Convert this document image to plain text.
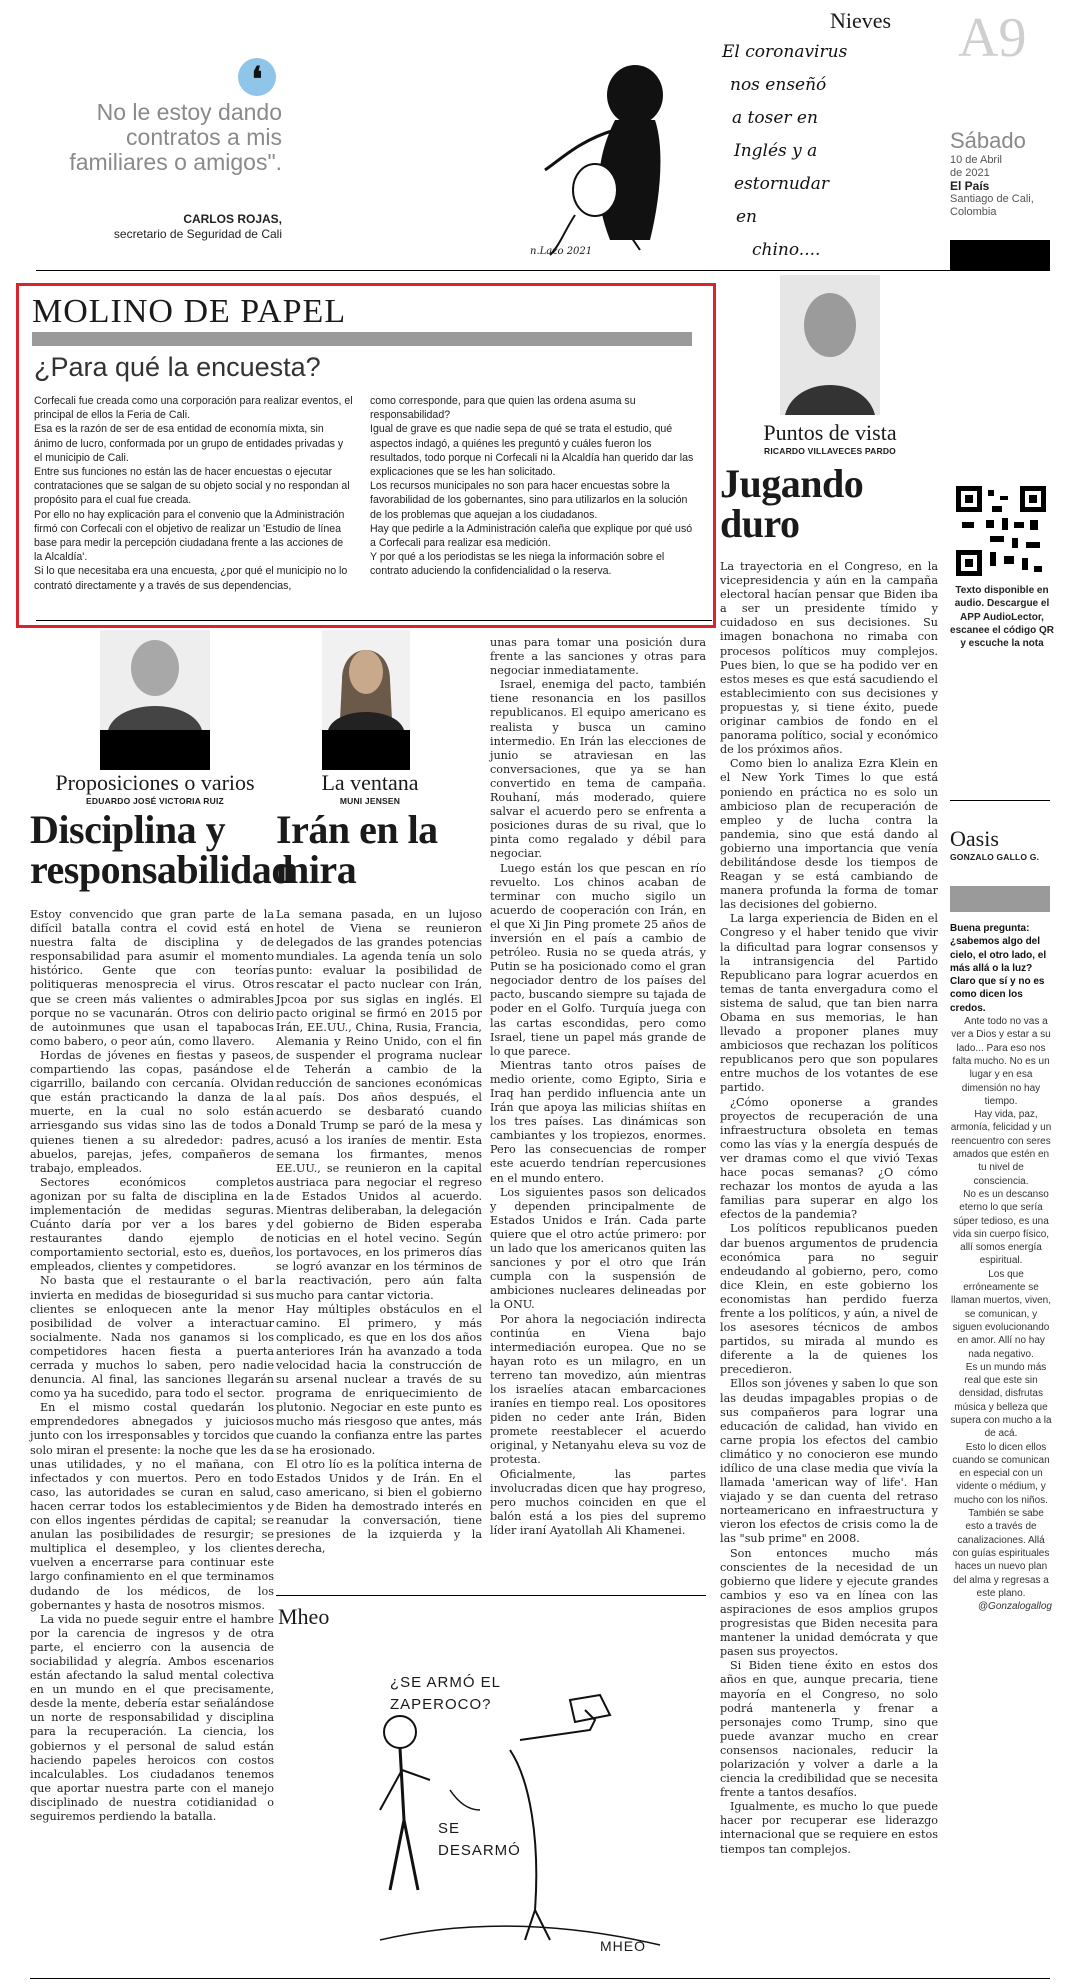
❛
No le estoy dando contratos a mis familiares o amigos".
CARLOS ROJAS,
secretario de Seguridad de Cali
Nieves
El coronavirus
nos enseñó
a toser en
Inglés y a
estornudar
en
chino....
n.Lazo 2021
A9
Sábado
10 de Abril
de 2021
El País
Santiago de Cali,
Colombia
MOLINO DE PAPEL
¿Para qué la encuesta?

Corfecali fue creada como una corporación para realizar eventos, el principal de ellos la Feria de Cali.

Esa es la razón de ser de esa entidad de economía mixta, sin ánimo de lucro, conformada por un grupo de entidades privadas y el municipio de Cali.

Entre sus funciones no están las de hacer encuestas o ejecutar contrataciones que se salgan de su objeto social y no respondan al propósito para el cual fue creada.

Por ello no hay explicación para el convenio que la Administración firmó con Corfecali con el objetivo de realizar un 'Estudio de línea base para medir la percepción ciudadana frente a las acciones de la Alcaldía'.

Si lo que necesitaba era una encuesta, ¿por qué el municipio no lo contrató directamente y a través de sus dependencias,

como corresponde, para que quien las ordena asuma su responsabilidad?

Igual de grave es que nadie sepa de qué se trata el estudio, qué aspectos indagó, a quiénes les preguntó y cuáles fueron los resultados, todo porque ni Corfecali ni la Alcaldía han querido dar las explicaciones que se les han solicitado.

Los recursos municipales no son para hacer encuestas sobre la favorabilidad de los gobernantes, sino para utilizarlos en la solución de los problemas que aquejan a los ciudadanos.

Hay que pedirle a la Administración caleña que explique por qué usó a Corfecali para realizar esa medición.

Y por qué a los periodistas se les niega la información sobre el contrato aduciendo la confidencialidad o la reserva.

Puntos de vista
RICARDO VILLAVECES PARDO
Jugando duro

La trayectoria en el Congreso, en la vicepresidencia y aún en la campaña electoral hacían pensar que Biden iba a ser un presidente tímido y cuidadoso en sus decisiones. Su imagen bonachona no rimaba con procesos políticos muy complejos. Pues bien, lo que se ha podido ver en estos meses es que está sacudiendo el establecimiento con sus decisiones y propuestas y, si tiene éxito, puede originar cambios de fondo en el panorama político, social y económico de los próximos años.

Como bien lo analiza Ezra Klein en el New York Times lo que está poniendo en práctica no es solo un ambicioso plan de recuperación de empleo y de lucha contra la pandemia, sino que está dando al gobierno una importancia que venía debilitándose desde los tiempos de Reagan y se está cambiando de manera profunda la forma de tomar las decisiones del gobierno.

La larga experiencia de Biden en el Congreso y el haber tenido que vivir la dificultad para lograr consensos y la intransigencia del Partido Republicano para lograr acuerdos en temas de tanta envergadura como el sistema de salud, que tan bien narra Obama en sus memorias, le han llevado a proponer planes muy ambiciosos que rechazan los políticos republicanos pero que son populares entre muchos de los votantes de ese partido.

¿Cómo oponerse a grandes proyectos de recuperación de una infraestructura obsoleta en temas como las vías y la energía después de ver dramas como el que vivió Texas hace pocas semanas? ¿O cómo rechazar los montos de ayuda a las familias para superar en algo los efectos de la pandemia?

Los políticos republicanos pueden dar buenos argumentos de prudencia económica para no seguir endeudando al gobierno, pero, como dice Klein, en este gobierno los economistas han perdido fuerza frente a los políticos, y aún, a nivel de los asesores técnicos de ambos partidos, su mirada al mundo es diferente a la de quienes los precedieron.

Ellos son jóvenes y saben lo que son las deudas impagables propias o de sus compañeros para lograr una educación de calidad, han vivido en carne propia los efectos del cambio climático y no conocieron ese mundo idílico de una clase media que vivía la llamada 'american way of life'. Han viajado y se dan cuenta del retraso norteamericano en infraestructura y vieron los efectos de crisis como la de las "sub prime" en 2008.

Son entonces mucho más conscientes de la necesidad de un gobierno que lidere y ejecute grandes cambios y eso va en línea con las aspiraciones de esos amplios grupos progresistas que Biden necesita para mantener la unidad demócrata y que pasen sus proyectos.

Si Biden tiene éxito en estos dos años en que, aunque precaria, tiene mayoría en el Congreso, no solo podrá mantenerla y frenar a personajes como Trump, sino que puede avanzar mucho en crear consensos nacionales, reducir la polarización y volver a darle a la ciencia la credibilidad que se necesita frente a tantos desafíos.

Igualmente, es mucho lo que puede hacer por recuperar ese liderazgo internacional que se requiere en estos tiempos tan complejos.

Texto disponible en audio. Descargue el APP AudioLector, escanee el código QR y escuche la nota
Oasis
GONZALO GALLO G.
Buena pregunta: ¿sabemos algo del cielo, el otro lado, el más allá o la luz? Claro que sí y no es como dicen los credos.

Ante todo no vas a ver a Dios y estar a su lado... Para eso nos falta mucho. No es un lugar y en esa dimensión no hay tiempo.

Hay vida, paz, armonía, felicidad y un reencuentro con seres amados que estén en tu nivel de consciencia.

No es un descanso eterno lo que sería súper tedioso, es una vida sin cuerpo físico, allí somos energía espiritual.

Los que erróneamente se llaman muertos, viven, se comunican, y siguen evolucionando en amor. Allí no hay nada negativo.

Es un mundo más real que este sin densidad, disfrutas música y belleza que supera con mucho a la de acá.

Esto lo dicen ellos cuando se comunican en especial con un vidente o médium, y mucho con los niños.

También se sabe esto a través de canalizaciones. Allá con guías espirituales haces un nuevo plan del alma y regresas a este plano.

@Gonzalogallog
Proposiciones o varios
EDUARDO JOSÉ VICTORIA RUIZ
Disciplina y responsabilidad

Estoy convencido que gran parte de la difícil batalla contra el covid está en nuestra falta de disciplina y de responsabilidad para asumir el momento histórico. Gente que con teorías politiqueras menosprecia el virus. Otros que se creen más valientes o admirables porque no se vacunarán. Otros con delirio de autoinmunes que usan el tapabocas como babero, o peor aún, como llavero.

Hordas de jóvenes en fiestas y paseos, compartiendo las copas, pasándose el cigarrillo, bailando con cercanía. Olvidan que están practicando la danza de la muerte, en la cual no solo están arriesgando sus vidas sino las de todos a quienes tienen a su alrededor: padres, abuelos, parejas, jefes, compañeros de trabajo, empleados.

Sectores económicos completos agonizan por su falta de disciplina en la implementación de medidas seguras. Cuánto daría por ver a los bares y restaurantes dando ejemplo de comportamiento sectorial, esto es, dueños, empleados, clientes y competidores.

No basta que el restaurante o el bar invierta en medidas de bioseguridad si sus clientes se enloquecen ante la menor posibilidad de volver a interactuar socialmente. Nada nos ganamos si los competidores hacen fiesta a puerta cerrada y muchos lo saben, pero nadie denuncia. Al final, las sanciones llegarán como ya ha sucedido, para todo el sector.

En el mismo costal quedarán los emprendedores abnegados y juiciosos junto con los irresponsables y torcidos que solo miran el presente: la noche que les da unas utilidades, y no el mañana, con infectados y con muertos. Pero en todo caso, las autoridades se curan en salud, hacen cerrar todos los establecimientos y con ellos ingentes pérdidas de capital; se anulan las posibilidades de resurgir; se multiplica el desempleo, y los clientes vuelven a encerrarse para continuar este largo confinamiento en el que terminamos dudando de los médicos, de los gobernantes y hasta de nosotros mismos.

La vida no puede seguir entre el hambre por la carencia de ingresos y de otra parte, el encierro con la ausencia de sociabilidad y alegría. Ambos escenarios están afectando la salud mental colectiva en un mundo en el que precisamente, desde la mente, debería estar señalándose un norte de responsabilidad y disciplina para la recuperación. La ciencia, los gobiernos y el personal de salud están haciendo papeles heroicos con costos incalculables. Los ciudadanos tenemos que aportar nuestra parte con el manejo disciplinado de nuestra cotidianidad o seguiremos perdiendo la batalla.

La ventana
MUNI JENSEN
Irán en la mira

La semana pasada, en un lujoso hotel de Viena se reunieron delegados de las grandes potencias mundiales. La agenda tenía un solo punto: evaluar la posibilidad de rescatar el pacto nuclear con Irán, Jpcoa por sus siglas en inglés. El pacto original se firmó en 2015 por Irán, EE.UU., China, Rusia, Francia, Alemania y Reino Unido, con el fin de suspender el programa nuclear de Teherán a cambio de la reducción de sanciones económicas al país. Dos años después, el acuerdo se desbarató cuando Donald Trump se paró de la mesa y acusó a los iraníes de mentir. Esta semana los firmantes, menos EE.UU., se reunieron en la capital austriaca para negociar el regreso de Estados Unidos al acuerdo. Mientras deliberaban, la delegación del gobierno de Biden esperaba noticias en el hotel vecino. Según los portavoces, en los primeros días se logró avanzar en los términos de la reactivación, pero aún falta mucho para cantar victoria.

Hay múltiples obstáculos en el camino. El primero, y más complicado, es que en los dos años anteriores Irán ha avanzado a toda velocidad hacia la construcción de su arsenal nuclear a través de su programa de enriquecimiento de plutonio. Negociar en este punto es mucho más riesgoso que antes, más cuando la confianza entre las partes se ha erosionado.

El otro lío es la política interna de Estados Unidos y de Irán. En el caso americano, si bien el gobierno de Biden ha demostrado interés en reanudar la conversación, tiene presiones de la izquierda y la derecha,

unas para tomar una posición dura frente a las sanciones y otras para negociar inmediatamente.

Israel, enemiga del pacto, también tiene resonancia en los pasillos republicanos. El equipo americano es realista y busca un camino intermedio. En Irán las elecciones de junio se atraviesan en las conversaciones, que ya se han convertido en tema de campaña. Rouhaní, más moderado, quiere salvar el acuerdo pero se enfrenta a posiciones duras de su rival, que lo pinta como regalado y débil para negociar.

Luego están los que pescan en río revuelto. Los chinos acaban de terminar con mucho sigilo un acuerdo de cooperación con Irán, en el que Xi Jin Ping promete 25 años de inversión en el país a cambio de petróleo. Rusia no se queda atrás, y Putin se ha posicionado como el gran negociador dentro de los países del pacto, buscando siempre su tajada de poder en el Golfo. Turquía juega con las cartas escondidas, pero como Israel, tiene un papel más grande de lo que parece.

Mientras tanto otros países de medio oriente, como Egipto, Siria e Iraq han perdido influencia ante un Irán que apoya las milicias shiítas en los tres países. Las dinámicas son cambiantes y los tropiezos, enormes. Pero las consecuencias de romper este acuerdo tendrían repercusiones en el mundo entero.

Los siguientes pasos son delicados y dependen principalmente de Estados Unidos e Irán. Cada parte quiere que el otro actúe primero: por un lado que los americanos quiten las sanciones y por el otro que Irán cumpla con la suspensión de ambiciones nucleares delineadas por la ONU.

Por ahora la negociación indirecta continúa en Viena bajo intermediación europea. Que no se hayan roto es un milagro, en un terreno tan movedizo, aún mientras los israelíes atacan embarcaciones iraníes en tiempo real. Los opositores piden no ceder ante Irán, Biden promete reestablecer el acuerdo original, y Netanyahu eleva su voz de protesta.

Oficialmente, las partes involucradas dicen que hay progreso, pero muchos coinciden en que el balón está a los pies del supremo líder iraní Ayatollah Ali Khamenei.

Mheo
¿SE ARMÓ EL ZAPEROCO?
SE DESARMÓ
MHEO
